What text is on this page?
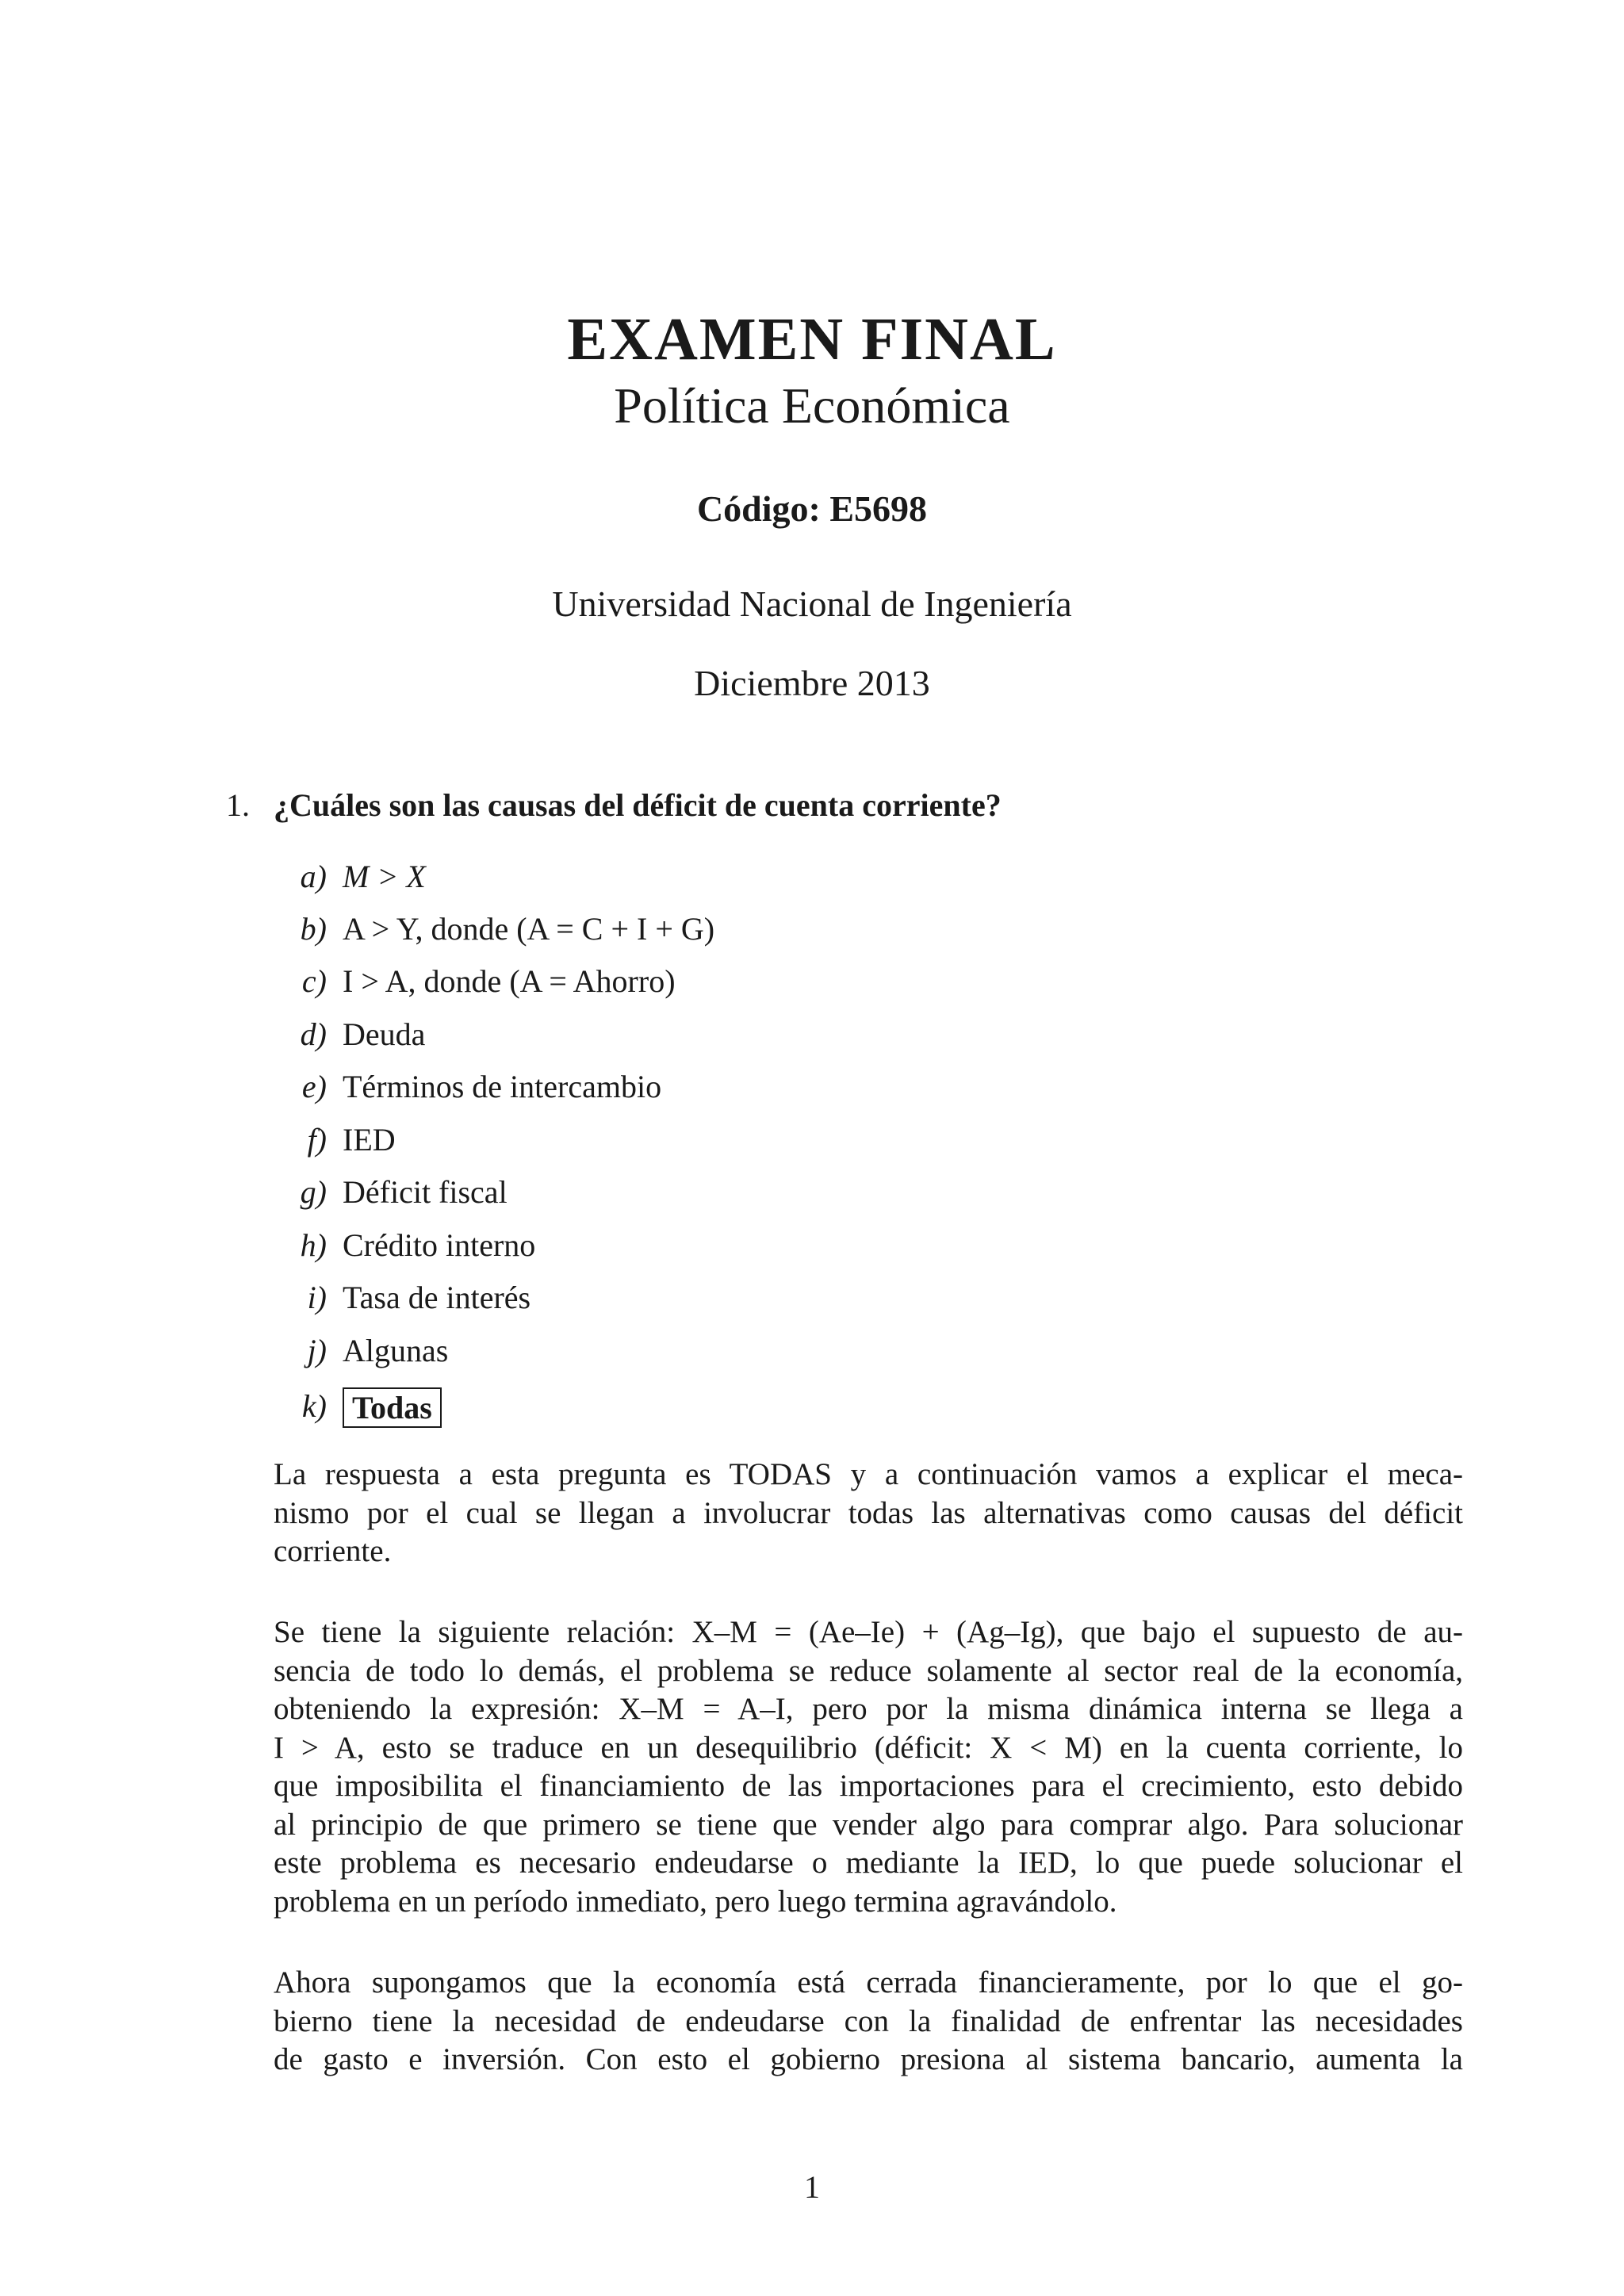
EXAMEN FINAL
Política Económica
Código: E5698
Universidad Nacional de Ingeniería
Diciembre 2013
1. ¿Cuáles son las causas del déficit de cuenta corriente?
a) M > X
b) A > Y, donde (A = C + I + G)
c) I > A, donde (A = Ahorro)
d) Deuda
e) Términos de intercambio
f) IED
g) Déficit fiscal
h) Crédito interno
i) Tasa de interés
j) Algunas
k) Todas
La respuesta a esta pregunta es TODAS y a continuación vamos a explicar el meca-
nismo por el cual se llegan a involucrar todas las alternativas como causas del déficit
corriente.
Se tiene la siguiente relación: X–M = (Ae–Ie) + (Ag–Ig), que bajo el supuesto de au-
sencia de todo lo demás, el problema se reduce solamente al sector real de la economía,
obteniendo la expresión: X–M = A–I, pero por la misma dinámica interna se llega a
I > A, esto se traduce en un desequilibrio (déficit: X < M) en la cuenta corriente, lo
que imposibilita el financiamiento de las importaciones para el crecimiento, esto debido
al principio de que primero se tiene que vender algo para comprar algo. Para solucionar
este problema es necesario endeudarse o mediante la IED, lo que puede solucionar el
problema en un período inmediato, pero luego termina agravándolo.
Ahora supongamos que la economía está cerrada financieramente, por lo que el go-
bierno tiene la necesidad de endeudarse con la finalidad de enfrentar las necesidades
de gasto e inversión. Con esto el gobierno presiona al sistema bancario, aumenta la
1
